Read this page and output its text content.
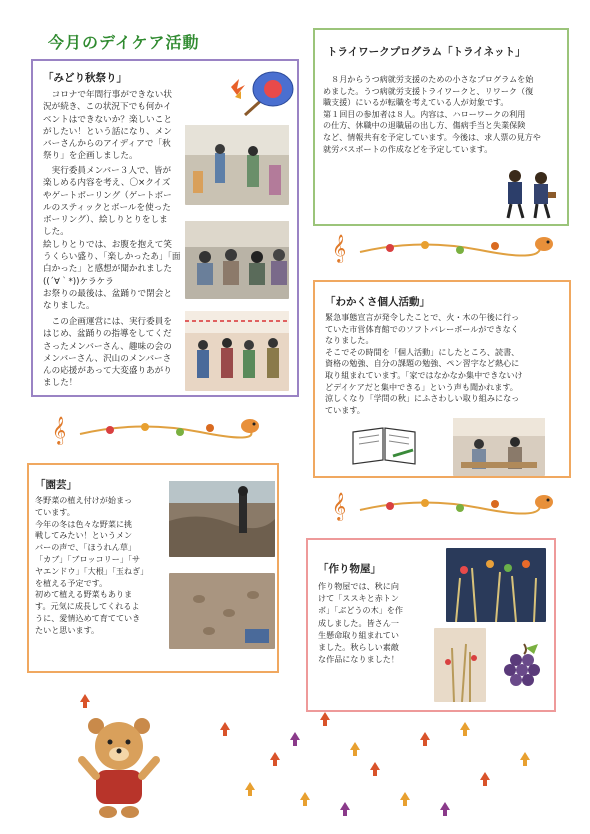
今月のデイケア活動
「みどり秋祭り」
　コロナで年間行事ができない状
況が続き、この状況下でも何かイ
ベントはできないか？楽しいこと
がしたい！という話になり、メン
バーさんからのアイディアで「秋
祭り」を企画しました。
　実行委員メンバー３人で、皆が
楽しめる内容を考え、〇×クイズ
やゲートボーリング（ゲートボー
ルのスティックとボールを使った
ボーリング）、絵しりとりをしま
した。
絵しりとりでは、お腹を抱えて笑
うくらい盛り、「楽しかったあ」「面
白かった」と感想が聞かれました
((´∀｀*))ケラケラ
お祭りの最後は、盆踊りで閉会と
なりました。
　この企画運営には、実行委員を
はじめ、盆踊りの指導をしてくだ
さったメンバーさん、趣味の会の
メンバーさん、沢山のメンバーさ
んの応援があって大変盛りあがり
ました！
トライワークプログラム「トライネット」
　８月からうつ病就労支援のための小さなプログラムを始
めました。うつ病就労支援トライワークと、リワーク（復
職支援）にいるが転職を考えている人が対象です。
第１回目の参加者は８人。内容は、ハローワークの利用
の仕方、休職中の退職届の出し方、傷病手当と失業保険
など、情報共有を予定しています。今後は、求人票の見方や
就労パスポートの作成などを予定しています。
𝄞
𝄞
𝄞
「わかくさ個人活動」
緊急事態宣言が発令したことで、火・木の午後に行っ
ていた市営体育館でのソフトバレーボールができなく
なりました。
そこでその時間を「個人活動」にしたところ、読書、
資格の勉強、自分の課題の勉強、ペン習字など熱心に
取り組まれています。「家ではなかなか集中できないけ
どデイケアだと集中できる」という声も聞かれます。
涼しくなり「学問の秋」にふさわしい取り組みになっ
ています。
「園芸」
冬野菜の植え付けが始まっ
ています。
今年の冬は色々な野菜に挑
戦してみたい！というメン
バーの声で、「ほうれん草」
「カブ」「ブロッコリー」「サ
ヤエンドウ」「大根」「玉ねぎ」
を植える予定です。
初めて植える野菜もありま
す。元気に成長してくれるよ
うに、愛情込めて育てていき
たいと思います。
「作り物屋」
作り物屋では、秋に向
けて「ススキと赤トン
ボ」「ぶどうの木」を作
成しました。皆さん一
生懸命取り組まれてい
ました。秋らしい素敵
な作品になりました！
